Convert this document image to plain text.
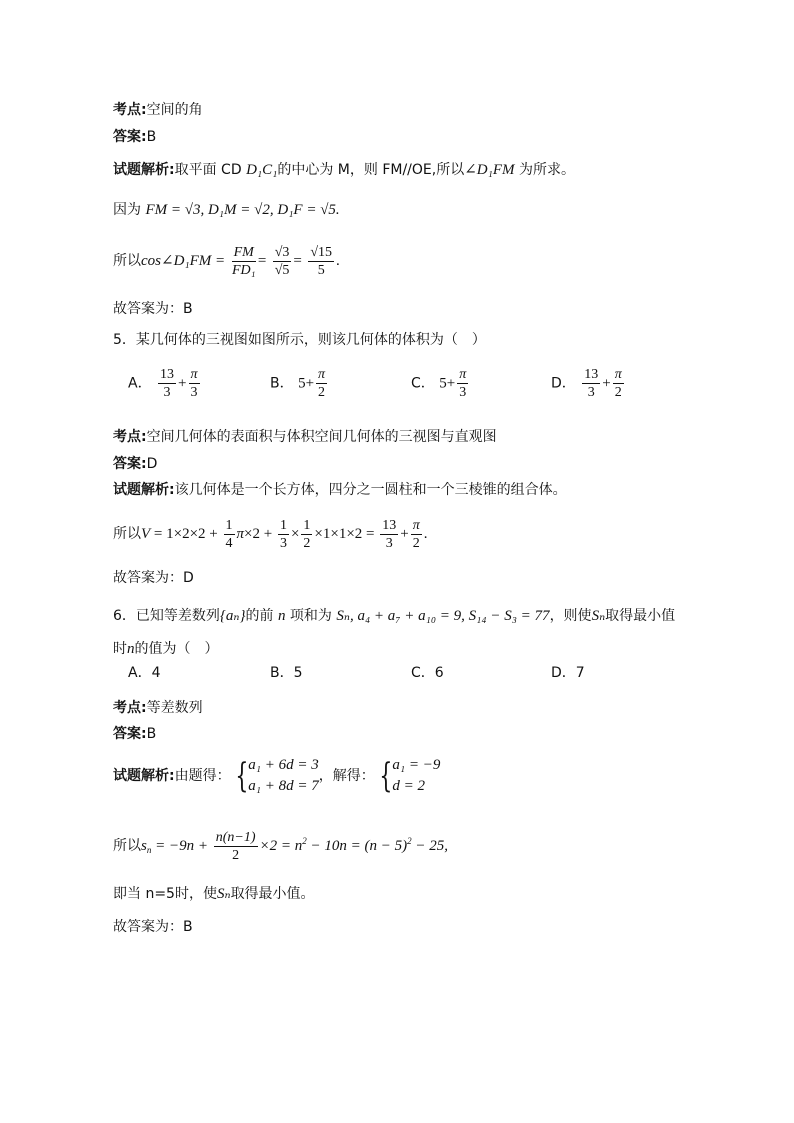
考点:空间的角
答案:B
试题解析:取平面 CD D₁C₁的中心为 M，则 FM//OE,所以∠D₁FM 为所求。
因为 FM = √3, D₁M = √2, D₁F = √5.
所以cos∠D₁FM = $\frac{FM}{\text{FD₁}} = \frac{√3}{√5} = \frac{√15}{5}$ .
故答案为：B
5．某几何体的三视图如图所示，则该几何体的体积为（　）
A． $\frac{13}{3} + \frac{\pi}{3}$	B． $5+ \frac{\pi}{2}$	C． $5+ \frac{\pi}{3}$	D． $\frac{13}{3} + \frac{\pi}{2}$
考点:空间几何体的表面积与体积空间几何体的三视图与直观图
答案:D
试题解析:该几何体是一个长方体，四分之一圆柱和一个三棱锥的组合体。
所以$V = 1\times 2\times 2 + \frac{1}{4} \pi\times 2 + \frac{1}{3} \times \frac{1}{2} \times 1\times 1\times 2 = \frac{13}{3} + \frac{\pi}{2}$ .
故答案为：D
6．已知等差数列{aₙ}的前 n 项和为 Sₙ, a₄ + a₇ + a₁₀ = 9, S₁₄ − S₃ = 77，则使Sₙ取得最小值
时n的值为（　）
A．4	B．5	C．6	D．7
考点:等差数列
答案:B
试题解析:由题得： { a₁ + 6d = 3
a₁ + 8d = 7
，解得： { a₁ = −9
d = 2
所以$s_n = -9n + \frac{n(n-1)}{2} \times 2 = n^2 - 10n = (n - 5)^2 - 25$,
即当 n=5时，使Sₙ取得最小值。
故答案为：B
